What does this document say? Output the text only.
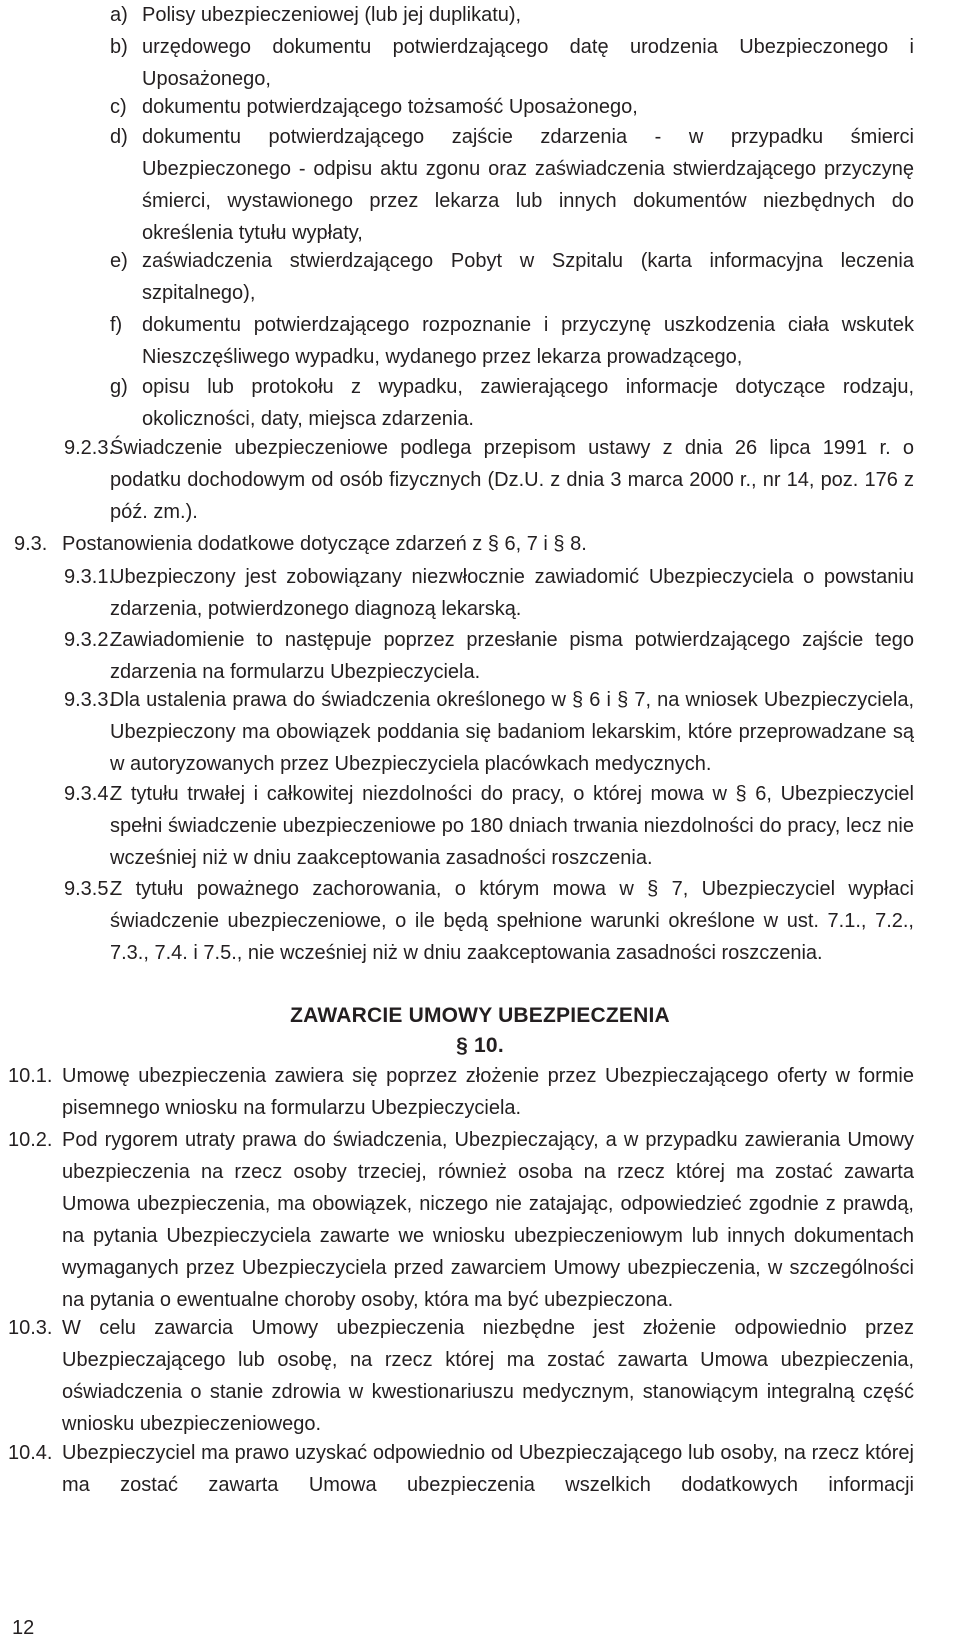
a) Polisy ubezpieczeniowej (lub jej duplikatu),

b) urzędowego dokumentu potwierdzającego datę urodzenia Ubezpieczonego i Uposażonego,

c) dokumentu potwierdzającego tożsamość Uposażonego,

d) dokumentu potwierdzającego zajście zdarzenia - w przypadku śmierci Ubezpieczonego - odpisu aktu zgonu oraz zaświadczenia stwierdzającego przyczynę śmierci, wystawionego przez lekarza lub innych dokumentów niezbędnych do określenia tytułu wypłaty,

e) zaświadczenia stwierdzającego Pobyt w Szpitalu (karta informacyjna leczenia szpitalnego),

f) dokumentu potwierdzającego rozpoznanie i przyczynę uszkodzenia ciała wskutek Nieszczęśliwego wypadku, wydanego przez lekarza prowadzącego,

g) opisu lub protokołu z wypadku, zawierającego informacje dotyczące rodzaju, okoliczności, daty, miejsca zdarzenia.

9.2.3.

Świadczenie ubezpieczeniowe podlega przepisom ustawy z dnia 26 lipca 1991 r. o podatku dochodowym od osób fizycznych (Dz.U. z dnia 3 marca 2000 r., nr 14, poz. 176 z póź. zm.).

9.3. Postanowienia dodatkowe dotyczące zdarzeń z § 6, 7 i § 8.

9.3.1.

Ubezpieczony jest zobowiązany niezwłocznie zawiadomić Ubezpieczyciela o powstaniu zdarzenia, potwierdzonego diagnozą lekarską.

9.3.2.

Zawiadomienie to następuje poprzez przesłanie pisma potwierdzającego zajście tego zdarzenia na formularzu Ubezpieczyciela.

9.3.3.

Dla ustalenia prawa do świadczenia określonego w § 6 i § 7, na wniosek Ubezpieczyciela, Ubezpieczony ma obowiązek poddania się badaniom lekarskim, które przeprowadzane są w autoryzowanych przez Ubezpieczyciela placówkach medycznych.

9.3.4.

Z tytułu trwałej i całkowitej niezdolności do pracy, o której mowa w § 6, Ubezpieczyciel spełni świadczenie ubezpieczeniowe po 180 dniach trwania niezdolności do pracy, lecz nie wcześniej niż w dniu zaakceptowania zasadności roszczenia.

9.3.5.

Z tytułu poważnego zachorowania, o którym mowa w § 7, Ubezpieczyciel wypłaci świadczenie ubezpieczeniowe, o ile będą spełnione warunki określone w ust. 7.1., 7.2., 7.3., 7.4. i 7.5., nie wcześniej niż w dniu zaakceptowania zasadności roszczenia.

ZAWARCIE UMOWY UBEZPIECZENIA

§ 10.

10.1. Umowę ubezpieczenia zawiera się poprzez złożenie przez Ubezpieczającego oferty w formie pisemnego wniosku na formularzu Ubezpieczyciela.

10.2. Pod rygorem utraty prawa do świadczenia, Ubezpieczający, a w przypadku zawierania Umowy ubezpieczenia na rzecz osoby trzeciej, również osoba na rzecz której ma zostać zawarta Umowa ubezpieczenia, ma obowiązek, niczego nie zatajając, odpowiedzieć zgodnie z prawdą, na pytania Ubezpieczyciela zawarte we wniosku ubezpieczeniowym lub innych dokumentach wymaganych przez Ubezpieczyciela przed zawarciem Umowy ubezpieczenia, w szczególności na pytania o ewentualne choroby osoby, która ma być ubezpieczona.

10.3. W celu zawarcia Umowy ubezpieczenia niezbędne jest złożenie odpowiednio przez Ubezpieczającego lub osobę, na rzecz której ma zostać zawarta Umowa ubezpieczenia, oświadczenia o stanie zdrowia w kwestionariuszu medycznym, stanowiącym integralną część wniosku ubezpieczeniowego.

10.4. Ubezpieczyciel ma prawo uzyskać odpowiednio od Ubezpieczającego lub osoby, na rzecz której ma zostać zawarta Umowa ubezpieczenia wszelkich dodatkowych informacji

12
